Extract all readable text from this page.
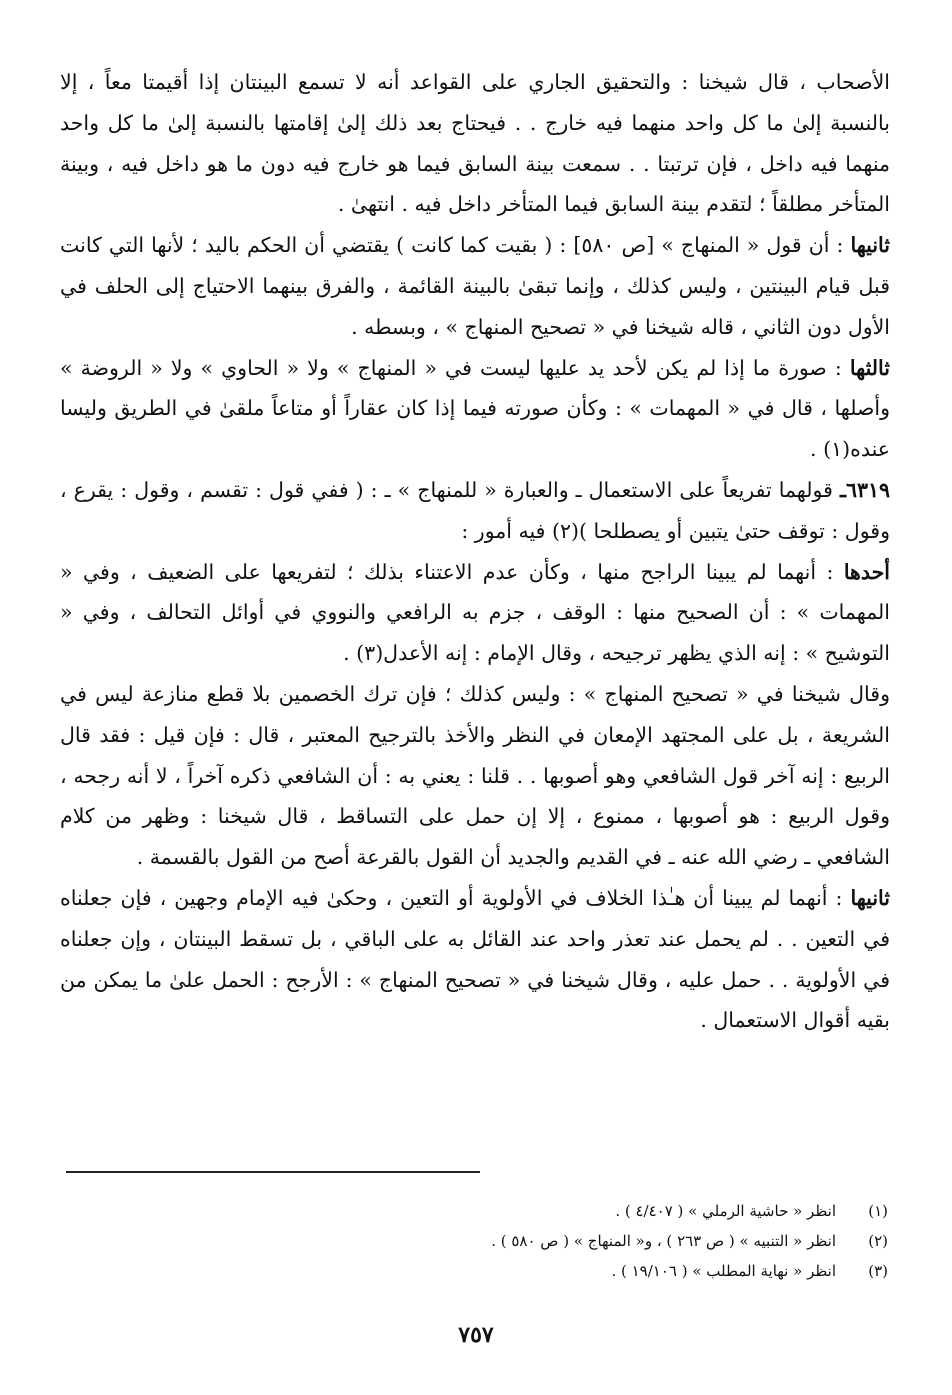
الأصحاب ، قال شيخنا : والتحقيق الجاري على القواعد أنه لا تسمع البينتان إذا أقيمتا معاً ، إلا بالنسبة إلىٰ ما كل واحد منهما فيه خارج . . فيحتاج بعد ذلك إلىٰ إقامتها بالنسبة إلىٰ ما كل واحد منهما فيه داخل ، فإن ترتبتا . . سمعت بينة السابق فيما هو خارج فيه دون ما هو داخل فيه ، وبينة المتأخر مطلقاً ؛ لتقدم بينة السابق فيما المتأخر داخل فيه . انتهىٰ .

ثانيها : أن قول « المنهاج » [ص ٥٨٠] : ( بقيت كما كانت ) يقتضي أن الحكم باليد ؛ لأنها التي كانت قبل قيام البينتين ، وليس كذلك ، وإنما تبقىٰ بالبينة القائمة ، والفرق بينهما الاحتياج إلى الحلف في الأول دون الثاني ، قاله شيخنا في « تصحيح المنهاج » ، وبسطه .

ثالثها : صورة ما إذا لم يكن لأحد يد عليها ليست في « المنهاج » ولا « الحاوي » ولا « الروضة » وأصلها ، قال في « المهمات » : وكأن صورته فيما إذا كان عقاراً أو متاعاً ملقىٰ في الطريق وليسا عنده(١) .

٦٣١٩ـ قولهما تفريعاً على الاستعمال ـ والعبارة « للمنهاج » ـ : ( ففي قول : تقسم ، وقول : يقرع ، وقول : توقف حتىٰ يتبين أو يصطلحا )(٢) فيه أمور :

أحدها : أنهما لم يبينا الراجح منها ، وكأن عدم الاعتناء بذلك ؛ لتفريعها على الضعيف ، وفي « المهمات » : أن الصحيح منها : الوقف ، جزم به الرافعي والنووي في أوائل التحالف ، وفي « التوشيح » : إنه الذي يظهر ترجيحه ، وقال الإمام : إنه الأعدل(٣) .

وقال شيخنا في « تصحيح المنهاج » : وليس كذلك ؛ فإن ترك الخصمين بلا قطع منازعة ليس في الشريعة ، بل على المجتهد الإمعان في النظر والأخذ بالترجيح المعتبر ، قال : فإن قيل : فقد قال الربيع : إنه آخر قول الشافعي وهو أصوبها . . قلنا : يعني به : أن الشافعي ذكره آخراً ، لا أنه رجحه ، وقول الربيع : هو أصوبها ، ممنوع ، إلا إن حمل على التساقط ، قال شيخنا : وظهر من كلام الشافعي ـ رضي الله عنه ـ في القديم والجديد أن القول بالقرعة أصح من القول بالقسمة .

ثانيها : أنهما لم يبينا أن هـٰذا الخلاف في الأولوية أو التعين ، وحكىٰ فيه الإمام وجهين ، فإن جعلناه في التعين . . لم يحمل عند تعذر واحد عند القائل به على الباقي ، بل تسقط البينتان ، وإن جعلناه في الأولوية . . حمل عليه ، وقال شيخنا في « تصحيح المنهاج » : الأرجح : الحمل علىٰ ما يمكن من بقيه أقوال الاستعمال .

(١)انظر « حاشية الرملي » ( ٤/٤٠٧ ) .

(٢)انظر « التنبيه » ( ص ٢٦٣ ) ، و« المنهاج » ( ص ٥٨٠ ) .

(٣)انظر « نهاية المطلب » ( ١٩/١٠٦ ) .

٧٥٧
